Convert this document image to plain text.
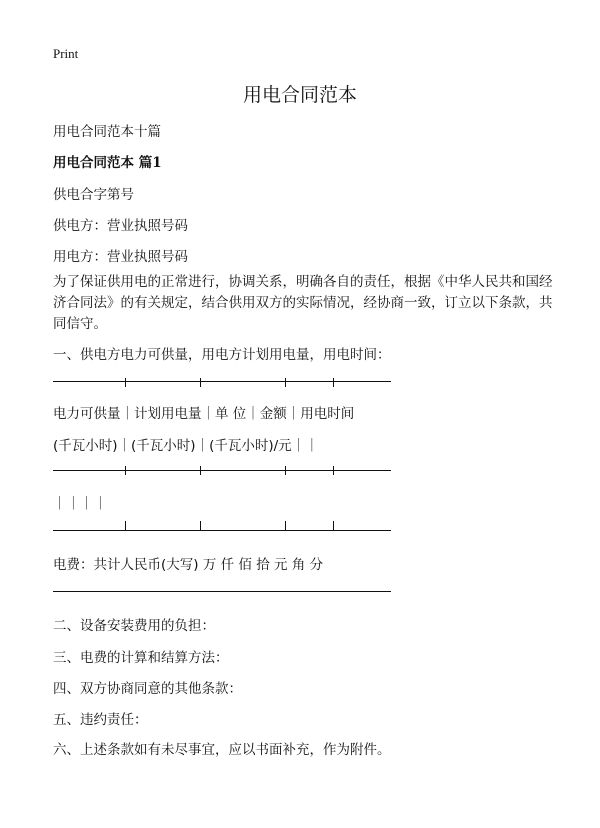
Print
用电合同范本
用电合同范本十篇
用电合同范本 篇1
供电合字第号
供电方：营业执照号码
用电方：营业执照号码
为了保证供用电的正常进行，协调关系，明确各自的责任，根据《中华人民共和国经济合同法》的有关规定，结合供用双方的实际情况，经协商一致，订立以下条款，共同信守。
一、供电方电力可供量，用电方计划用电量，用电时间：
电力可供量｜计划用电量｜单 位｜金额｜用电时间
(千瓦小时)｜(千瓦小时)｜(千瓦小时)/元｜｜
｜｜｜｜
电费：共计人民币(大写) 万 仟 佰 拾 元 角 分
二、设备安装费用的负担：
三、电费的计算和结算方法：
四、双方协商同意的其他条款：
五、违约责任：
六、上述条款如有未尽事宜，应以书面补充，作为附件。
